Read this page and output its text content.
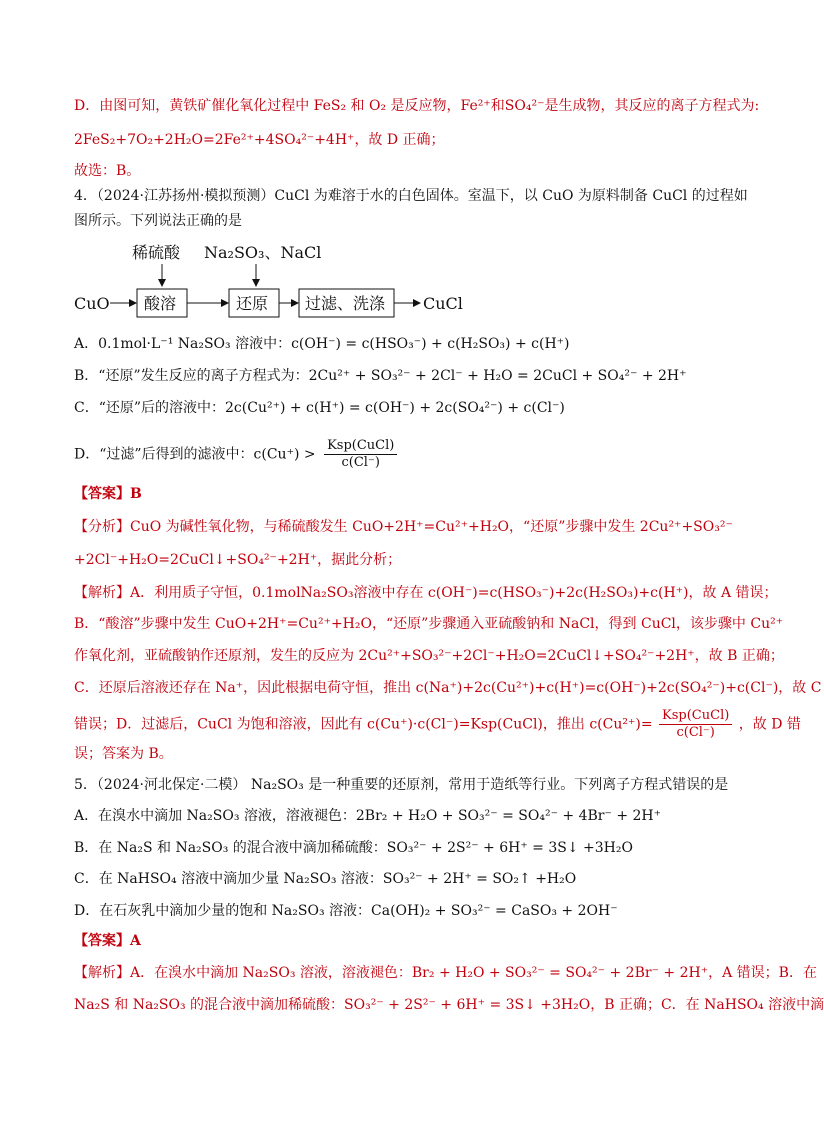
D．由图可知，黄铁矿催化氧化过程中 FeS₂ 和 O₂ 是反应物，Fe²⁺和SO₄²⁻是生成物，其反应的离子方程式为:
2FeS₂+7O₂+2H₂O=2Fe²⁺+4SO₄²⁻+4H⁺，故 D 正确；
故选：B。
4．（2024·江苏扬州·模拟预测）CuCl 为难溶于水的白色固体。室温下，以 CuO 为原料制备 CuCl 的过程如
图所示。下列说法正确的是
A．0.1mol·L⁻¹ Na₂SO₃ 溶液中：c(OH⁻) = c(HSO₃⁻) + c(H₂SO₃) + c(H⁺)
B．“还原”发生反应的离子方程式为：2Cu²⁺ + SO₃²⁻ + 2Cl⁻ + H₂O = 2CuCl + SO₄²⁻ + 2H⁺
C．“还原”后的溶液中：2c(Cu²⁺) + c(H⁺) = c(OH⁻) + 2c(SO₄²⁻) + c(Cl⁻)
【答案】B
【分析】CuO 为碱性氧化物，与稀硫酸发生 CuO+2H⁺=Cu²⁺+H₂O，“还原”步骤中发生 2Cu²⁺+SO₃²⁻
+2Cl⁻+H₂O=2CuCl↓+SO₄²⁻+2H⁺，据此分析；
【解析】A．利用质子守恒，0.1molNa₂SO₃溶液中存在 c(OH⁻)=c(HSO₃⁻)+2c(H₂SO₃)+c(H⁺)，故 A 错误；
B．“酸溶”步骤中发生 CuO+2H⁺=Cu²⁺+H₂O，“还原”步骤通入亚硫酸钠和 NaCl，得到 CuCl，该步骤中 Cu²⁺
作氧化剂，亚硫酸钠作还原剂，发生的反应为 2Cu²⁺+SO₃²⁻+2Cl⁻+H₂O=2CuCl↓+SO₄²⁻+2H⁺，故 B 正确；
C．还原后溶液还存在 Na⁺，因此根据电荷守恒，推出 c(Na⁺)+2c(Cu²⁺)+c(H⁺)=c(OH⁻)+2c(SO₄²⁻)+c(Cl⁻)，故 C
误；答案为 B。
5．（2024·河北保定·二模） Na₂SO₃ 是一种重要的还原剂，常用于造纸等行业。下列离子方程式错误的是
A．在溴水中滴加 Na₂SO₃ 溶液，溶液褪色：2Br₂ + H₂O + SO₃²⁻ = SO₄²⁻ + 4Br⁻ + 2H⁺
B．在 Na₂S 和 Na₂SO₃ 的混合液中滴加稀硫酸：SO₃²⁻ + 2S²⁻ + 6H⁺ = 3S↓ +3H₂O
C．在 NaHSO₄ 溶液中滴加少量 Na₂SO₃ 溶液：SO₃²⁻ + 2H⁺ = SO₂↑ +H₂O
D．在石灰乳中滴加少量的饱和 Na₂SO₃ 溶液：Ca(OH)₂ + SO₃²⁻ = CaSO₃ + 2OH⁻
【答案】A
【解析】A．在溴水中滴加 Na₂SO₃ 溶液，溶液褪色：Br₂ + H₂O + SO₃²⁻ = SO₄²⁻ + 2Br⁻ + 2H⁺，A 错误；B．在
Na₂S 和 Na₂SO₃ 的混合液中滴加稀硫酸：SO₃²⁻ + 2S²⁻ + 6H⁺ = 3S↓ +3H₂O，B 正确；C．在 NaHSO₄ 溶液中滴
D．“过滤”后得到的滤液中：c(Cu⁺) >
Ksp(CuCl)
c(Cl⁻)
错误；D．过滤后，CuCl 为饱和溶液，因此有 c(Cu⁺)·c(Cl⁻)=Ksp(CuCl)，推出 c(Cu²⁺)=
Ksp(CuCl)
c(Cl⁻)	，故 D 错
稀硫酸 Na₂SO₃、NaCl
CuO 酸溶	还原 过滤、洗涤 CuCl
